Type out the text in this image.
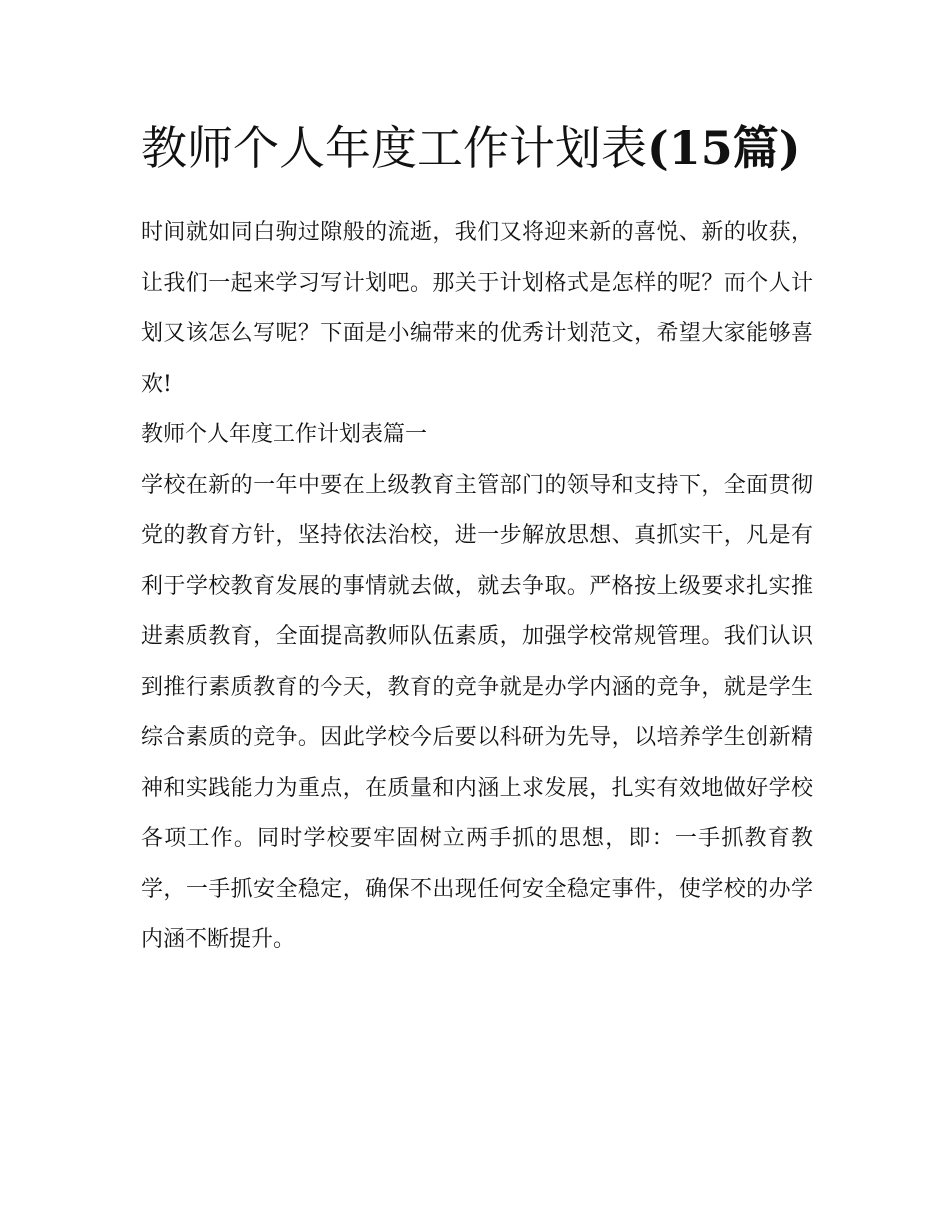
教师个人年度工作计划表(15篇)

时间就如同白驹过隙般的流逝，我们又将迎来新的喜悦、新的收获，让我们一起来学习写计划吧。那关于计划格式是怎样的呢？而个人计划又该怎么写呢？下面是小编带来的优秀计划范文，希望大家能够喜欢!

教师个人年度工作计划表篇一

学校在新的一年中要在上级教育主管部门的领导和支持下，全面贯彻党的教育方针，坚持依法治校，进一步解放思想、真抓实干，凡是有利于学校教育发展的事情就去做，就去争取。严格按上级要求扎实推进素质教育，全面提高教师队伍素质，加强学校常规管理。我们认识到推行素质教育的今天，教育的竞争就是办学内涵的竞争，就是学生综合素质的竞争。因此学校今后要以科研为先导，以培养学生创新精神和实践能力为重点，在质量和内涵上求发展，扎实有效地做好学校各项工作。同时学校要牢固树立两手抓的思想，即：一手抓教育教学，一手抓安全稳定，确保不出现任何安全稳定事件，使学校的办学内涵不断提升。
